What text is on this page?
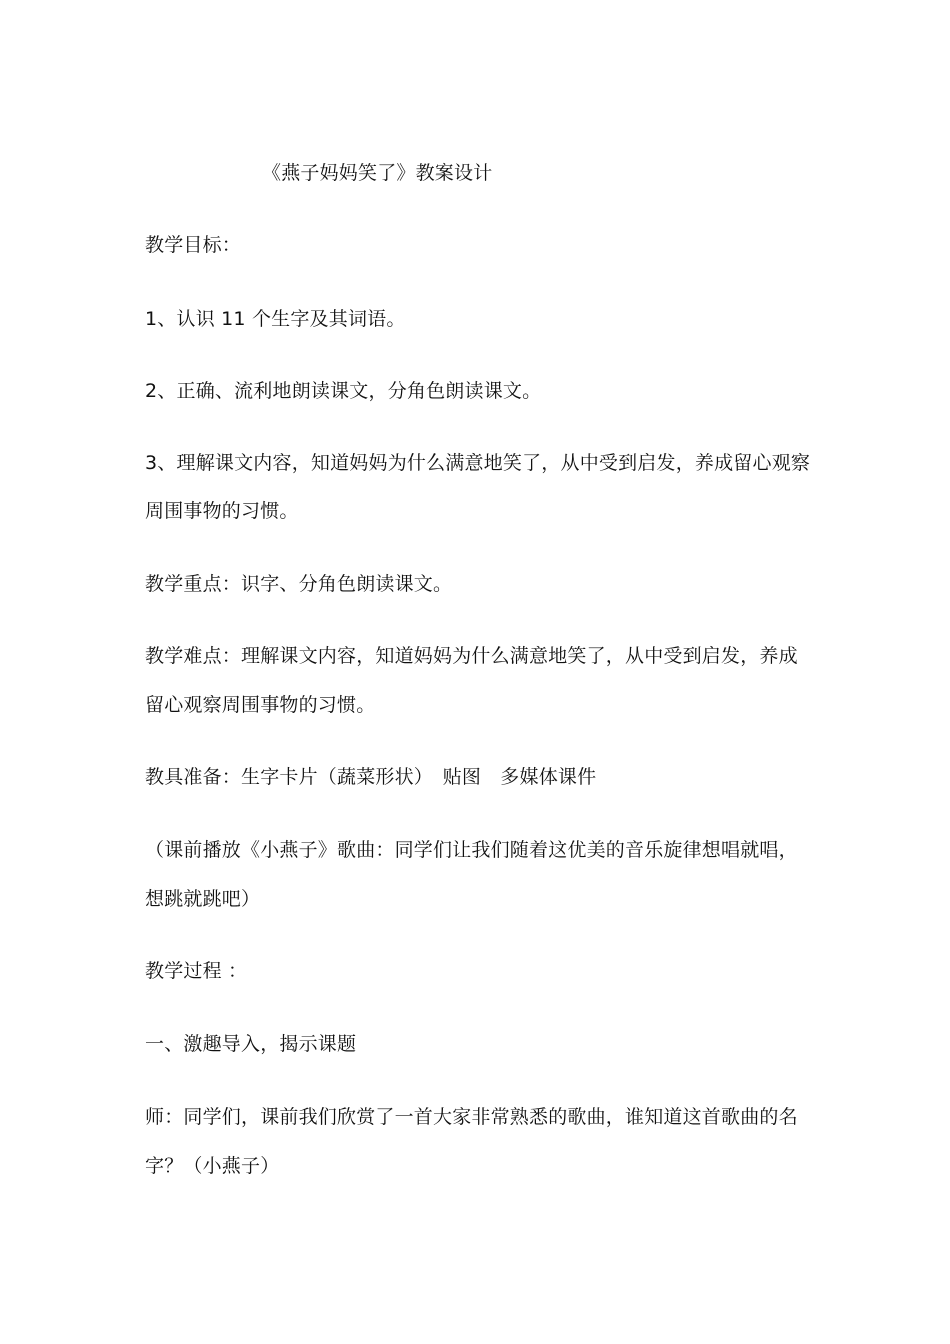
《燕子妈妈笑了》教案设计
教学目标：
1、认识 11 个生字及其词语。
2、正确、流利地朗读课文，分角色朗读课文。
3、理解课文内容，知道妈妈为什么满意地笑了，从中受到启发，养成留心观察
周围事物的习惯。
教学重点：识字、分角色朗读课文。
教学难点：理解课文内容，知道妈妈为什么满意地笑了，从中受到启发，养成
留心观察周围事物的习惯。
教具准备：生字卡片（蔬菜形状）　贴图　多媒体课件
（课前播放《小燕子》歌曲：同学们让我们随着这优美的音乐旋律想唱就唱，
想跳就跳吧）
教学过程 ：
一、激趣导入，揭示课题
师：同学们，课前我们欣赏了一首大家非常熟悉的歌曲，谁知道这首歌曲的名
字？（小燕子）
